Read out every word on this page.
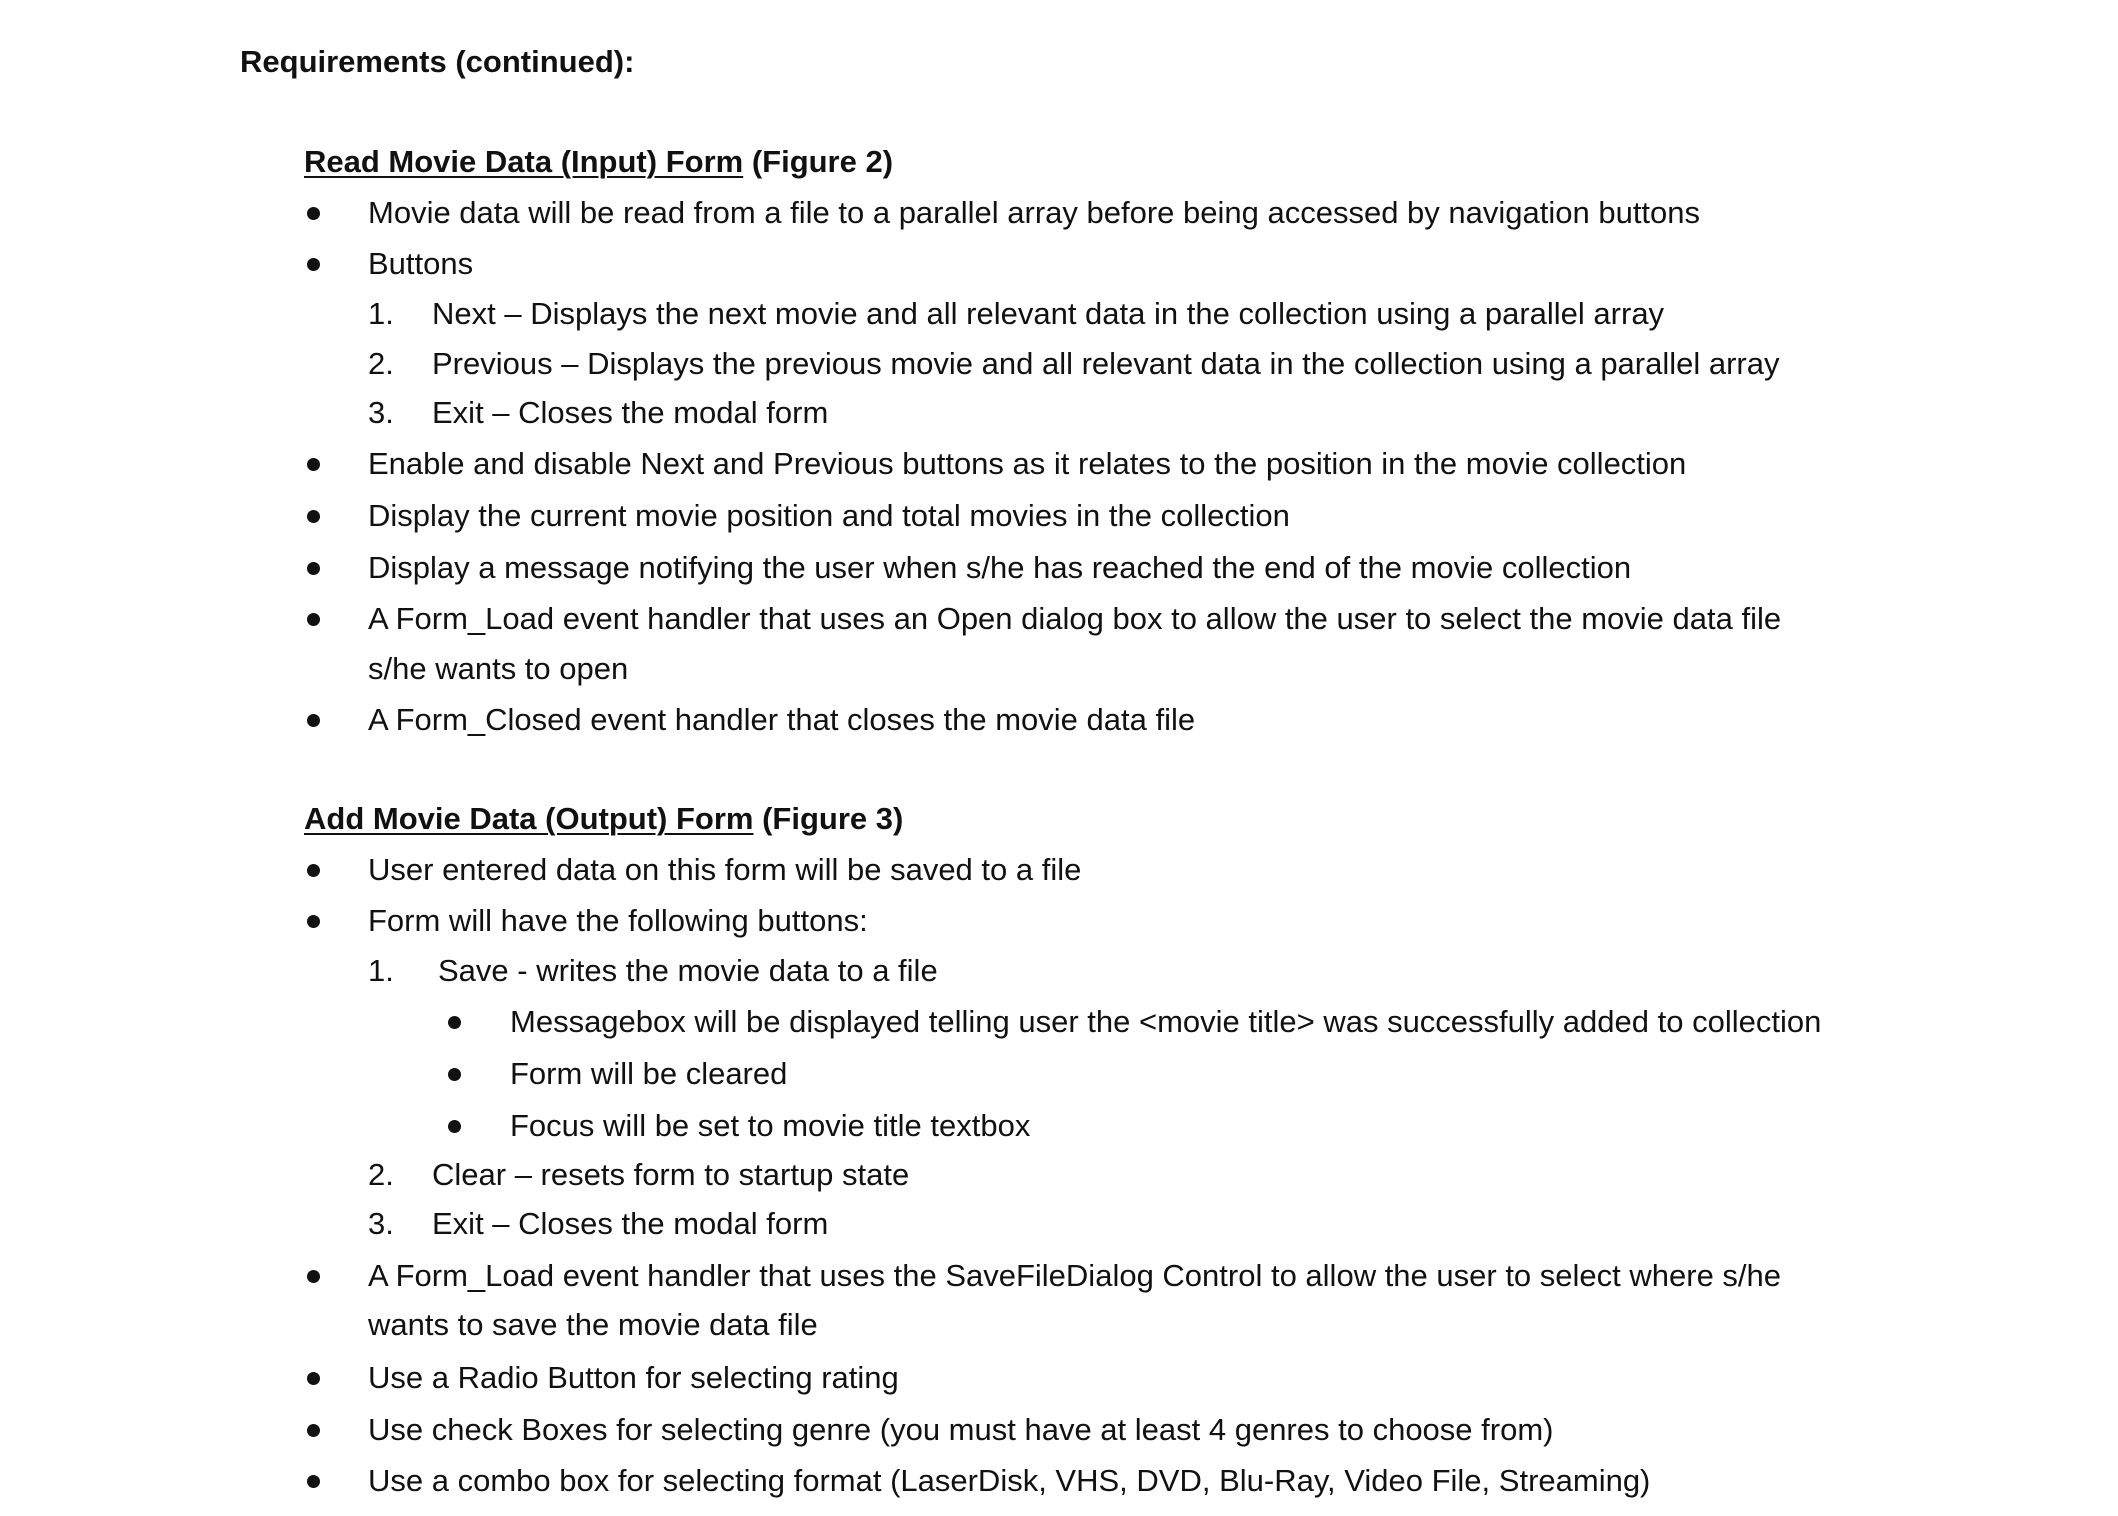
Requirements (continued):
Read Movie Data (Input) Form (Figure 2)
Movie data will be read from a file to a parallel array before being accessed by navigation buttons
Buttons
1. Next – Displays the next movie and all relevant data in the collection using a parallel array
2. Previous – Displays the previous movie and all relevant data in the collection using a parallel array
3. Exit – Closes the modal form
Enable and disable Next and Previous buttons as it relates to the position in the movie collection
Display the current movie position and total movies in the collection
Display a message notifying the user when s/he has reached the end of the movie collection
A Form_Load event handler that uses an Open dialog box to allow the user to select the movie data file
s/he wants to open
A Form_Closed event handler that closes the movie data file
Add Movie Data (Output) Form (Figure 3)
User entered data on this form will be saved to a file
Form will have the following buttons:
1. Save - writes the movie data to a file
Messagebox will be displayed telling user the <movie title> was successfully added to collection
Form will be cleared
Focus will be set to movie title textbox
2. Clear – resets form to startup state
3. Exit – Closes the modal form
A Form_Load event handler that uses the SaveFileDialog Control to allow the user to select where s/he
wants to save the movie data file
Use a Radio Button for selecting rating
Use check Boxes for selecting genre (you must have at least 4 genres to choose from)
Use a combo box for selecting format (LaserDisk, VHS, DVD, Blu-Ray, Video File, Streaming)
